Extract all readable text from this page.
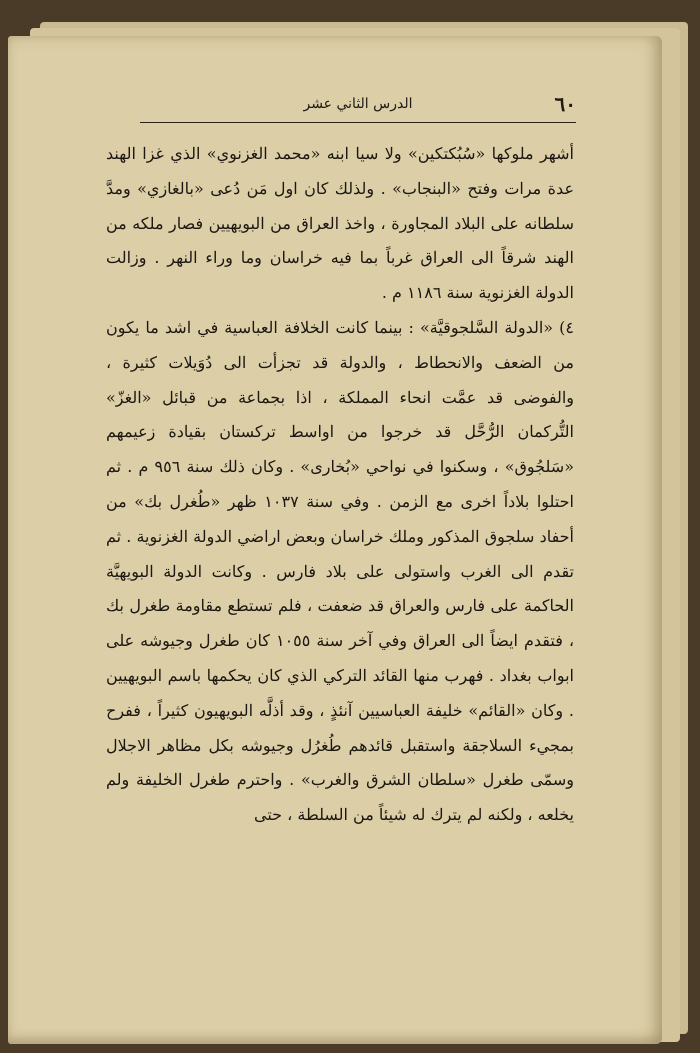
٦٠
الدرس الثاني عشر

أشهر ملوكها «سُبُكتكين» ولا سيا ابنه «محمد الغزنوي» الذي غزا الهند عدة مرات وفتح «البنجاب» . ولذلك كان اول مَن دُعى «بالغازي» ومدَّ سلطانه على البلاد المجاورة ، واخذ العراق من البويهيين فصار ملكه من الهند شرقاً الى العراق غرباً بما فيه خراسان وما وراء النهر . وزالت الدولة الغزنوية سنة ١١٨٦ م .

٤) «الدولة السَّلجوقيَّة» : بينما كانت الخلافة العباسية في اشد ما يكون من الضعف والانحطاط ، والدولة قد تجزأت الى دُوَيلات كثيرة ، والفوضى قد عمَّت انحاء المملكة ، اذا بجماعة من قبائل «الغزّ» التُّركمان الرُّحَّل قد خرجوا من اواسط تركستان بقيادة زعيمهم «سَلجُوق» ، وسكنوا في نواحي «بُخارى» . وكان ذلك سنة ٩٥٦ م . ثم احتلوا بلاداً اخرى مع الزمن . وفي سنة ١٠٣٧ ظهر «طُغرل بك» من أحفاد سلجوق المذكور وملك خراسان وبعض اراضي الدولة الغزنوية . ثم تقدم الى الغرب واستولى على بلاد فارس . وكانت الدولة البويهيَّة الحاكمة على فارس والعراق قد ضعفت ، فلم تستطع مقاومة طغرل بك ، فتقدم ايضاً الى العراق وفي آخر سنة ١٠٥٥ كان طغرل وجيوشه على ابواب بغداد . فهرب منها القائد التركي الذي كان يحكمها باسم البويهيين . وكان «القائم» خليفة العباسيين آنئذٍ ، وقد أذلَّه البويهيون كثيراً ، ففرح بمجيء السلاجقة واستقبل قائدهم طُغرُل وجيوشه بكل مظاهر الاجلال وسمّى طغرل «سلطان الشرق والغرب» . واحترم طغرل الخليفة ولم يخلعه ، ولكنه لم يترك له شيئاً من السلطة ، حتى
